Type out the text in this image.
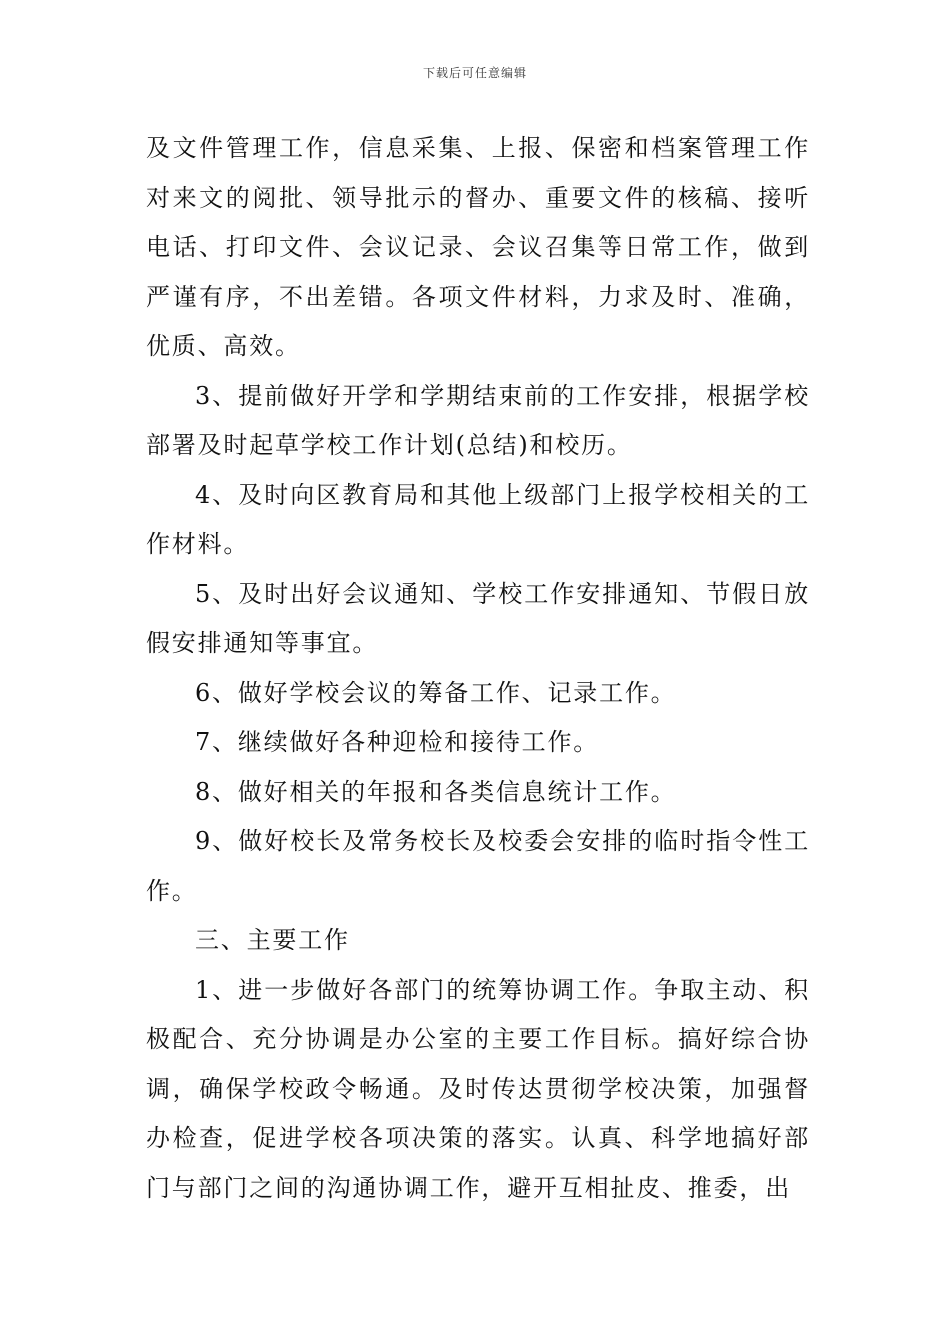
下载后可任意编辑

及文件管理工作，信息采集、上报、保密和档案管理工作对来文的阅批、领导批示的督办、重要文件的核稿、接听电话、打印文件、会议记录、会议召集等日常工作，做到严谨有序，不出差错。各项文件材料，力求及时、准确，优质、高效。

3、提前做好开学和学期结束前的工作安排，根据学校部署及时起草学校工作计划(总结)和校历。

4、及时向区教育局和其他上级部门上报学校相关的工作材料。

5、及时出好会议通知、学校工作安排通知、节假日放假安排通知等事宜。

6、做好学校会议的筹备工作、记录工作。

7、继续做好各种迎检和接待工作。

8、做好相关的年报和各类信息统计工作。

9、做好校长及常务校长及校委会安排的临时指令性工作。

三、主要工作

1、进一步做好各部门的统筹协调工作。争取主动、积极配合、充分协调是办公室的主要工作目标。搞好综合协调，确保学校政令畅通。及时传达贯彻学校决策，加强督办检查，促进学校各项决策的落实。认真、科学地搞好部门与部门之间的沟通协调工作，避开互相扯皮、推委，出
